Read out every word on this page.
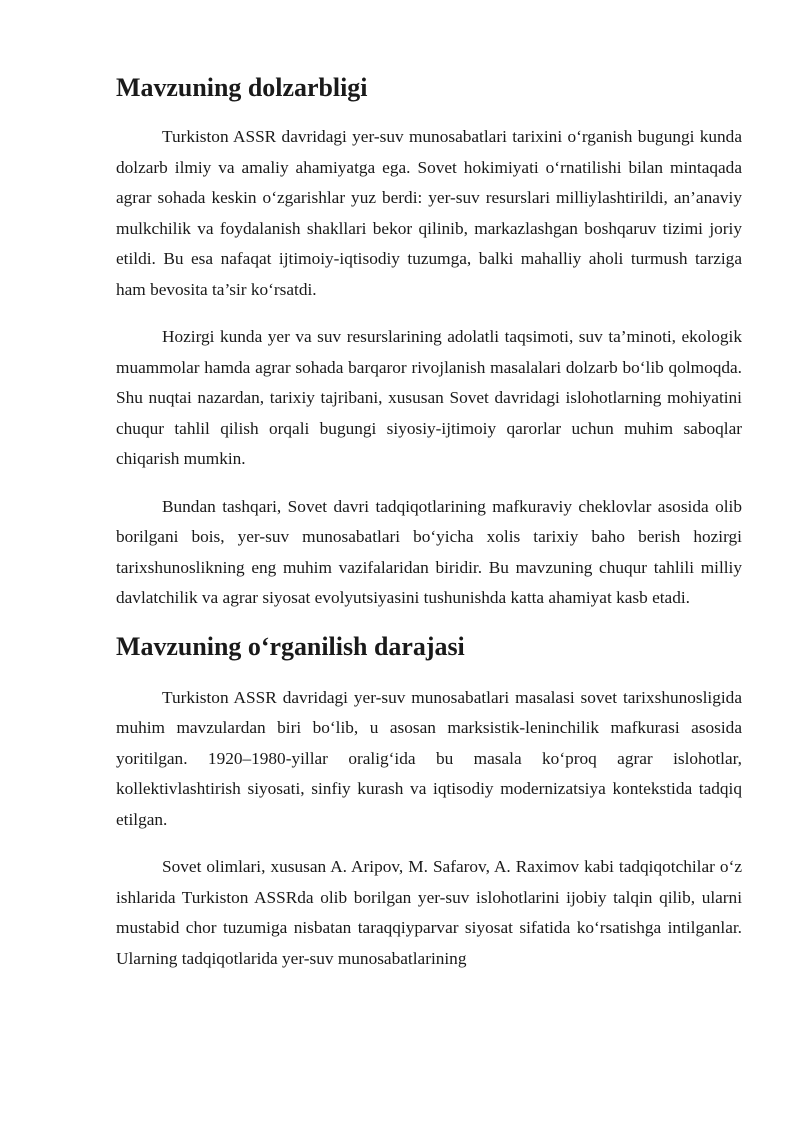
Mavzuning dolzarbligi

Turkiston ASSR davridagi yer-suv munosabatlari tarixini o‘rganish bugungi kunda dolzarb ilmiy va amaliy ahamiyatga ega. Sovet hokimiyati o‘rnatilishi bilan mintaqada agrar sohada keskin o‘zgarishlar yuz berdi: yer-suv resurslari milliylashtirildi, an’anaviy mulkchilik va foydalanish shakllari bekor qilinib, markazlashgan boshqaruv tizimi joriy etildi. Bu esa nafaqat ijtimoiy-iqtisodiy tuzumga, balki mahalliy aholi turmush tarziga ham bevosita ta’sir ko‘rsatdi.

Hozirgi kunda yer va suv resurslarining adolatli taqsimoti, suv ta’minoti, ekologik muammolar hamda agrar sohada barqaror rivojlanish masalalari dolzarb bo‘lib qolmoqda. Shu nuqtai nazardan, tarixiy tajribani, xususan Sovet davridagi islohotlarning mohiyatini chuqur tahlil qilish orqali bugungi siyosiy-ijtimoiy qarorlar uchun muhim saboqlar chiqarish mumkin.

Bundan tashqari, Sovet davri tadqiqotlarining mafkuraviy cheklovlar asosida olib borilgani bois, yer-suv munosabatlari bo‘yicha xolis tarixiy baho berish hozirgi tarixshunoslikning eng muhim vazifalaridan biridir. Bu mavzuning chuqur tahlili milliy davlatchilik va agrar siyosat evolyutsiyasini tushunishda katta ahamiyat kasb etadi.

Mavzuning o‘rganilish darajasi

Turkiston ASSR davridagi yer-suv munosabatlari masalasi sovet tarixshunosligida muhim mavzulardan biri bo‘lib, u asosan marksistik-leninchilik mafkurasi asosida yoritilgan. 1920–1980-yillar oralig‘ida bu masala ko‘proq agrar islohotlar, kollektivlashtirish siyosati, sinfiy kurash va iqtisodiy modernizatsiya kontekstida tadqiq etilgan.

Sovet olimlari, xususan A. Aripov, M. Safarov, A. Raximov kabi tadqiqotchilar o‘z ishlarida Turkiston ASSRda olib borilgan yer-suv islohotlarini ijobiy talqin qilib, ularni mustabid chor tuzumiga nisbatan taraqqiyparvar siyosat sifatida ko‘rsatishga intilganlar. Ularning tadqiqotlarida yer-suv munosabatlarining
